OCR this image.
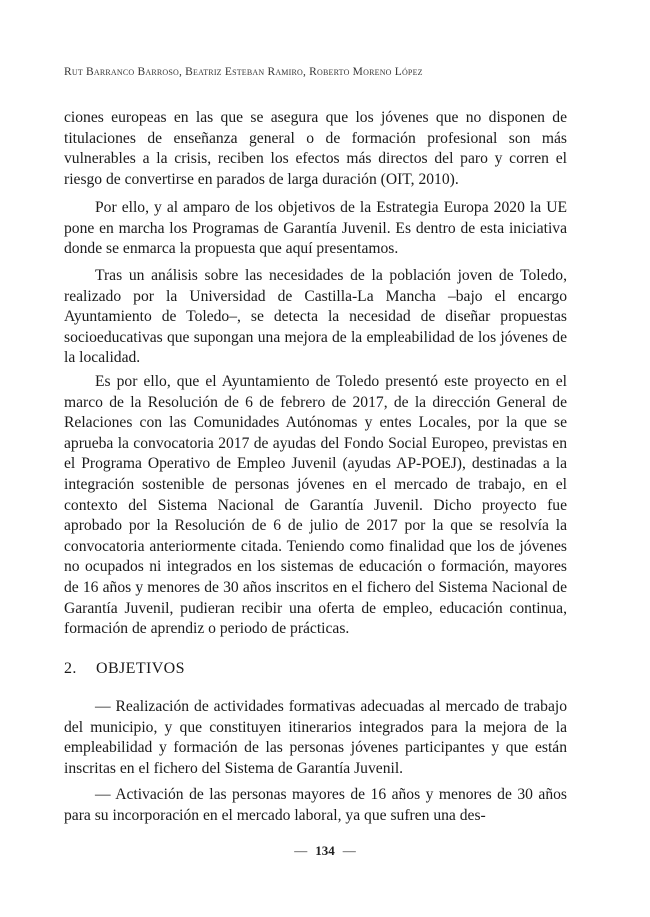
Rut Barranco Barroso, Beatriz Esteban Ramiro, Roberto Moreno López

ciones europeas en las que se asegura que los jóvenes que no disponen de titulaciones de enseñanza general o de formación profesional son más vulnerables a la crisis, reciben los efectos más directos del paro y corren el riesgo de convertirse en parados de larga duración (OIT, 2010).

Por ello, y al amparo de los objetivos de la Estrategia Europa 2020 la UE pone en marcha los Programas de Garantía Juvenil. Es dentro de esta iniciativa donde se enmarca la propuesta que aquí presentamos.

Tras un análisis sobre las necesidades de la población joven de Toledo, realizado por la Universidad de Castilla-La Mancha –bajo el encargo Ayuntamiento de Toledo–, se detecta la necesidad de diseñar propuestas socioeducativas que supongan una mejora de la empleabilidad de los jóvenes de la localidad.

Es por ello, que el Ayuntamiento de Toledo presentó este proyecto en el marco de la Resolución de 6 de febrero de 2017, de la dirección General de Relaciones con las Comunidades Autónomas y entes Locales, por la que se aprueba la convocatoria 2017 de ayudas del Fondo Social Europeo, previstas en el Programa Operativo de Empleo Juvenil (ayudas AP-POEJ), destinadas a la integración sostenible de personas jóvenes en el mercado de trabajo, en el contexto del Sistema Nacional de Garantía Juvenil. Dicho proyecto fue aprobado por la Resolución de 6 de julio de 2017 por la que se resolvía la convocatoria anteriormente citada. Teniendo como finalidad que los de jóvenes no ocupados ni integrados en los sistemas de educación o formación, mayores de 16 años y menores de 30 años inscritos en el fichero del Sistema Nacional de Garantía Juvenil, pudieran recibir una oferta de empleo, educación continua, formación de aprendiz o periodo de prácticas.

2. OBJETIVOS

— Realización de actividades formativas adecuadas al mercado de trabajo del municipio, y que constituyen itinerarios integrados para la mejora de la empleabilidad y formación de las personas jóvenes participantes y que están inscritas en el fichero del Sistema de Garantía Juvenil.

— Activación de las personas mayores de 16 años y menores de 30 años para su incorporación en el mercado laboral, ya que sufren una des-

— 134 —
